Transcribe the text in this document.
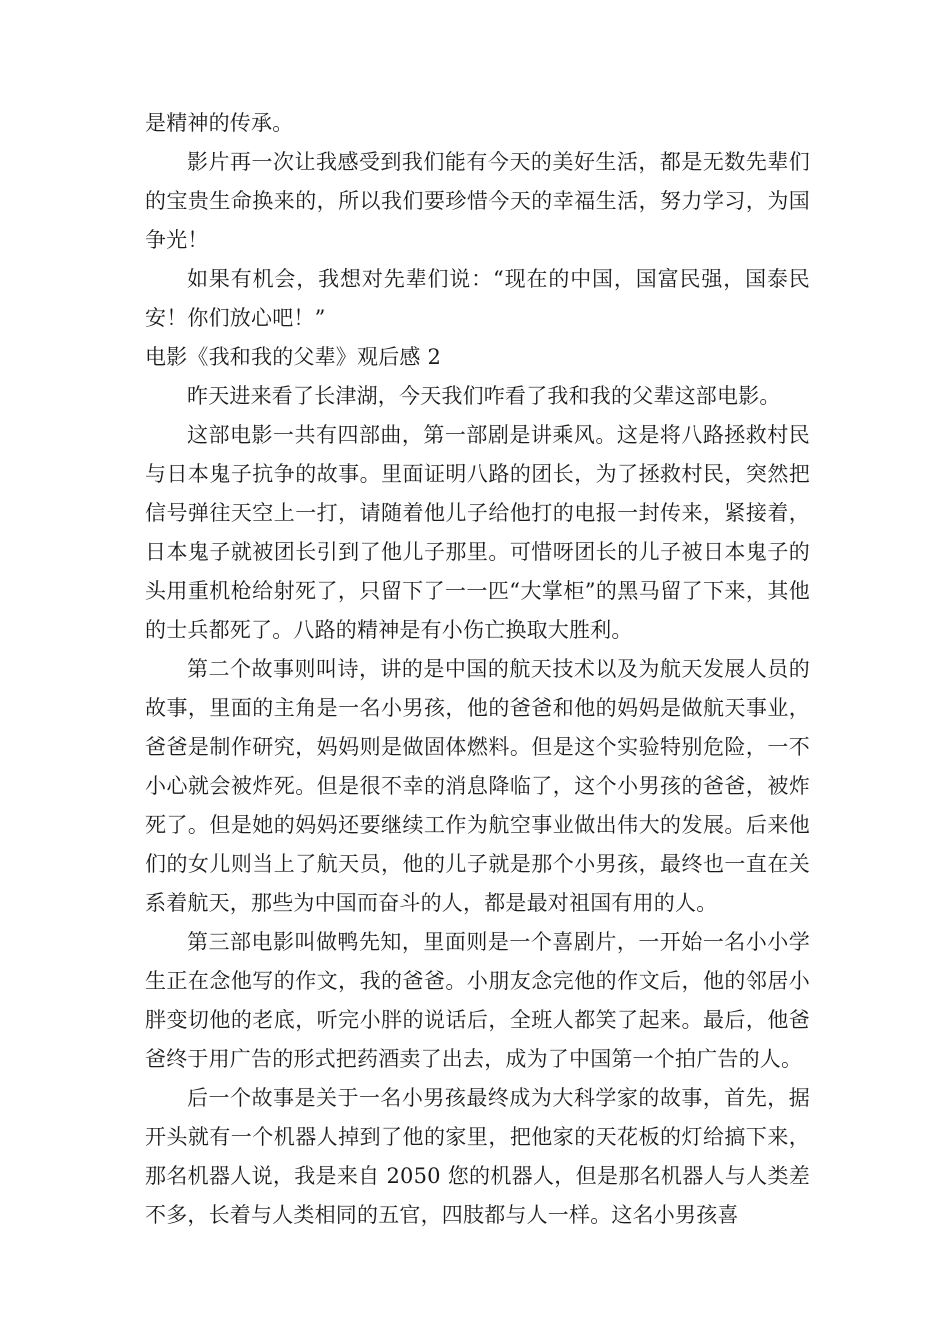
是精神的传承。

影片再一次让我感受到我们能有今天的美好生活，都是无数先辈们的宝贵生命换来的，所以我们要珍惜今天的幸福生活，努力学习，为国争光！

如果有机会，我想对先辈们说：“现在的中国，国富民强，国泰民安！你们放心吧！”

电影《我和我的父辈》观后感 2

昨天进来看了长津湖，今天我们咋看了我和我的父辈这部电影。

这部电影一共有四部曲，第一部剧是讲乘风。这是将八路拯救村民与日本鬼子抗争的故事。里面证明八路的团长，为了拯救村民，突然把信号弹往天空上一打，请随着他儿子给他打的电报一封传来，紧接着，日本鬼子就被团长引到了他儿子那里。可惜呀团长的儿子被日本鬼子的头用重机枪给射死了，只留下了一一匹“大掌柜”的黑马留了下来，其他的士兵都死了。八路的精神是有小伤亡换取大胜利。

第二个故事则叫诗，讲的是中国的航天技术以及为航天发展人员的故事，里面的主角是一名小男孩，他的爸爸和他的妈妈是做航天事业，爸爸是制作研究，妈妈则是做固体燃料。但是这个实验特别危险，一不小心就会被炸死。但是很不幸的消息降临了，这个小男孩的爸爸，被炸死了。但是她的妈妈还要继续工作为航空事业做出伟大的发展。后来他们的女儿则当上了航天员，他的儿子就是那个小男孩，最终也一直在关系着航天，那些为中国而奋斗的人，都是最对祖国有用的人。

第三部电影叫做鸭先知，里面则是一个喜剧片，一开始一名小小学生正在念他写的作文，我的爸爸。小朋友念完他的作文后，他的邻居小胖变切他的老底，听完小胖的说话后，全班人都笑了起来。最后，他爸爸终于用广告的形式把药酒卖了出去，成为了中国第一个拍广告的人。

后一个故事是关于一名小男孩最终成为大科学家的故事，首先，据开头就有一个机器人掉到了他的家里，把他家的天花板的灯给搞下来，那名机器人说，我是来自 2050 您的机器人，但是那名机器人与人类差不多，长着与人类相同的五官，四肢都与人一样。这名小男孩喜
